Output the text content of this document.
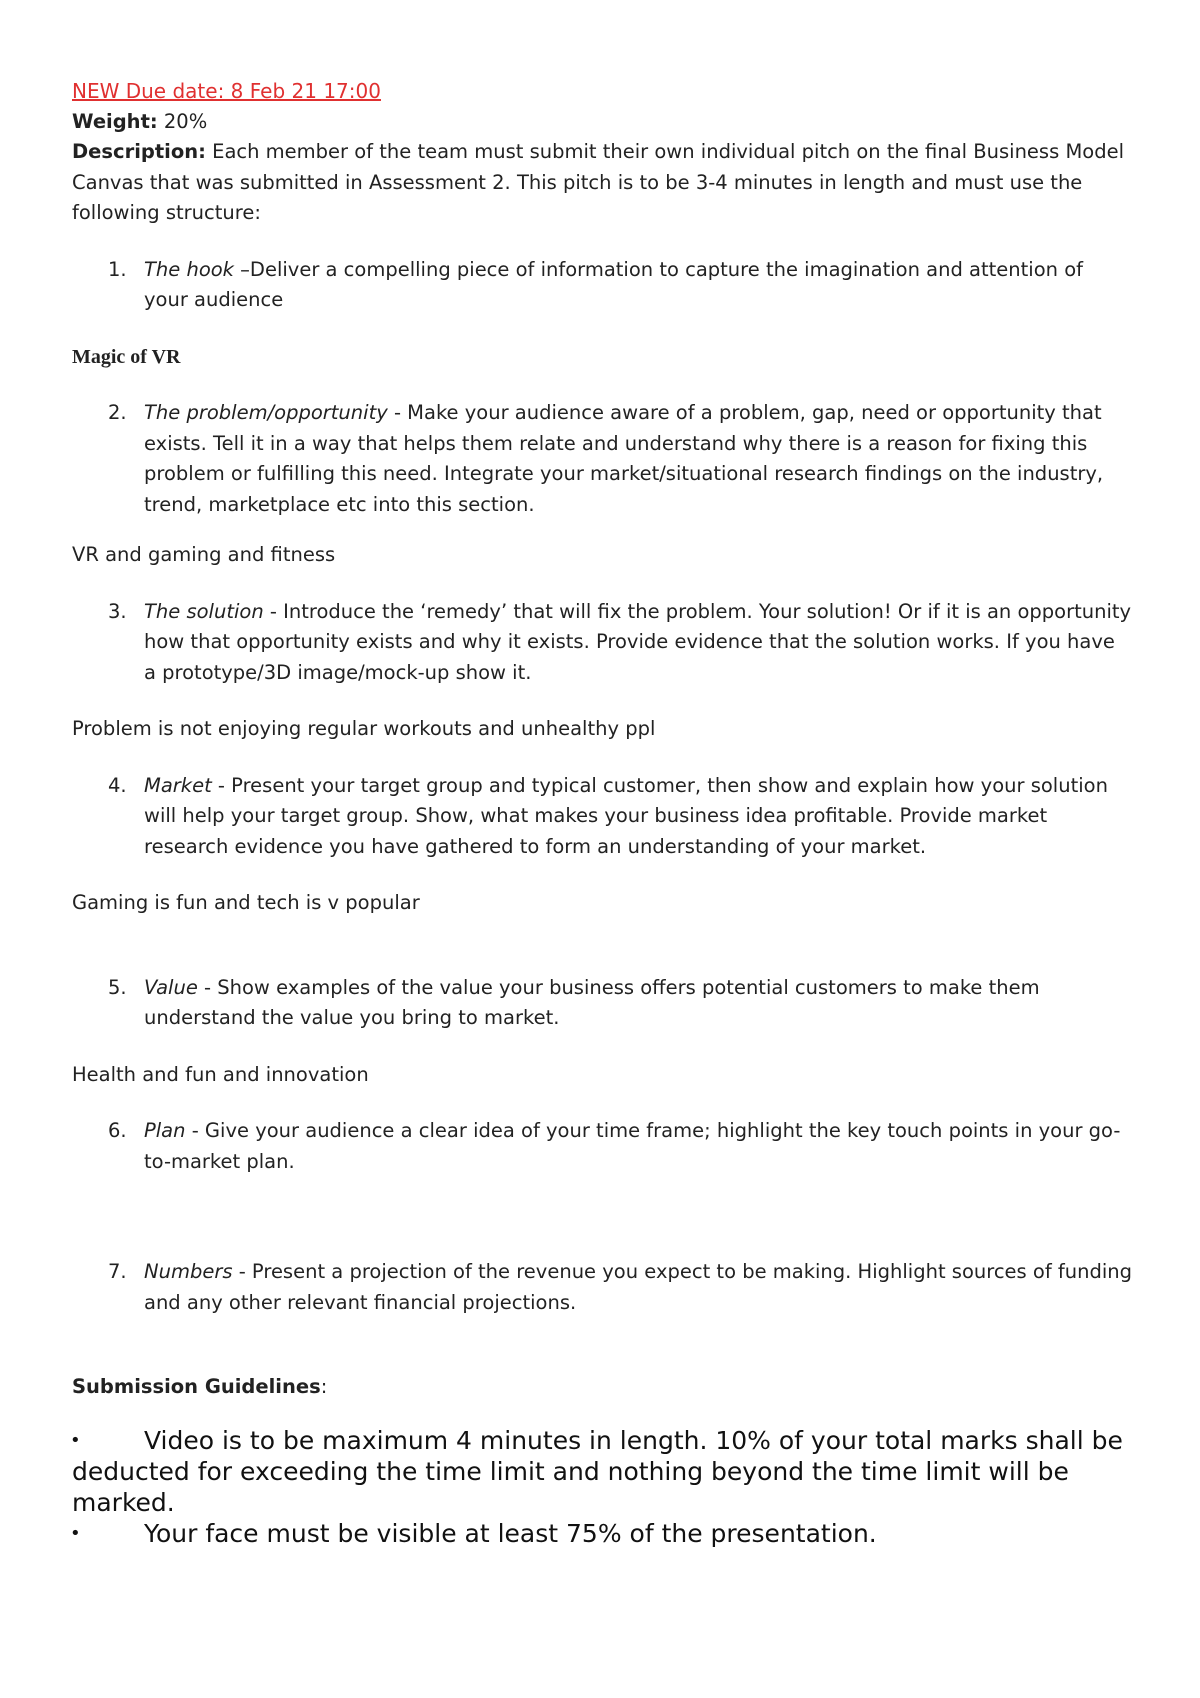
NEW Due date: 8 Feb 21 17:00

Weight: 20%

Description: Each member of the team must submit their own individual pitch on the final Business Model Canvas that was submitted in Assessment 2. This pitch is to be 3-4 minutes in length and must use the following structure:

1. The hook –Deliver a compelling piece of information to capture the imagination and attention of your audience

Magic of VR

2. The problem/opportunity - Make your audience aware of a problem, gap, need or opportunity that exists. Tell it in a way that helps them relate and understand why there is a reason for fixing this problem or fulfilling this need. Integrate your market/situational research findings on the industry, trend, marketplace etc into this section.

VR and gaming and fitness

3. The solution - Introduce the ‘remedy’ that will fix the problem. Your solution! Or if it is an opportunity how that opportunity exists and why it exists. Provide evidence that the solution works. If you have a prototype/3D image/mock-up show it.

Problem is not enjoying regular workouts and unhealthy ppl

4. Market - Present your target group and typical customer, then show and explain how your solution will help your target group. Show, what makes your business idea profitable. Provide market research evidence you have gathered to form an understanding of your market.

Gaming is fun and tech is v popular

5. Value - Show examples of the value your business offers potential customers to make them understand the value you bring to market.

Health and fun and innovation

6. Plan - Give your audience a clear idea of your time frame; highlight the key touch points in your go-to-market plan.
7. Numbers - Present a projection of the revenue you expect to be making. Highlight sources of funding and any other relevant financial projections.

Submission Guidelines:

•	Video is to be maximum 4 minutes in length. 10% of your total marks shall be deducted for exceeding the time limit and nothing beyond the time limit will be marked.
•	Your face must be visible at least 75% of the presentation.
